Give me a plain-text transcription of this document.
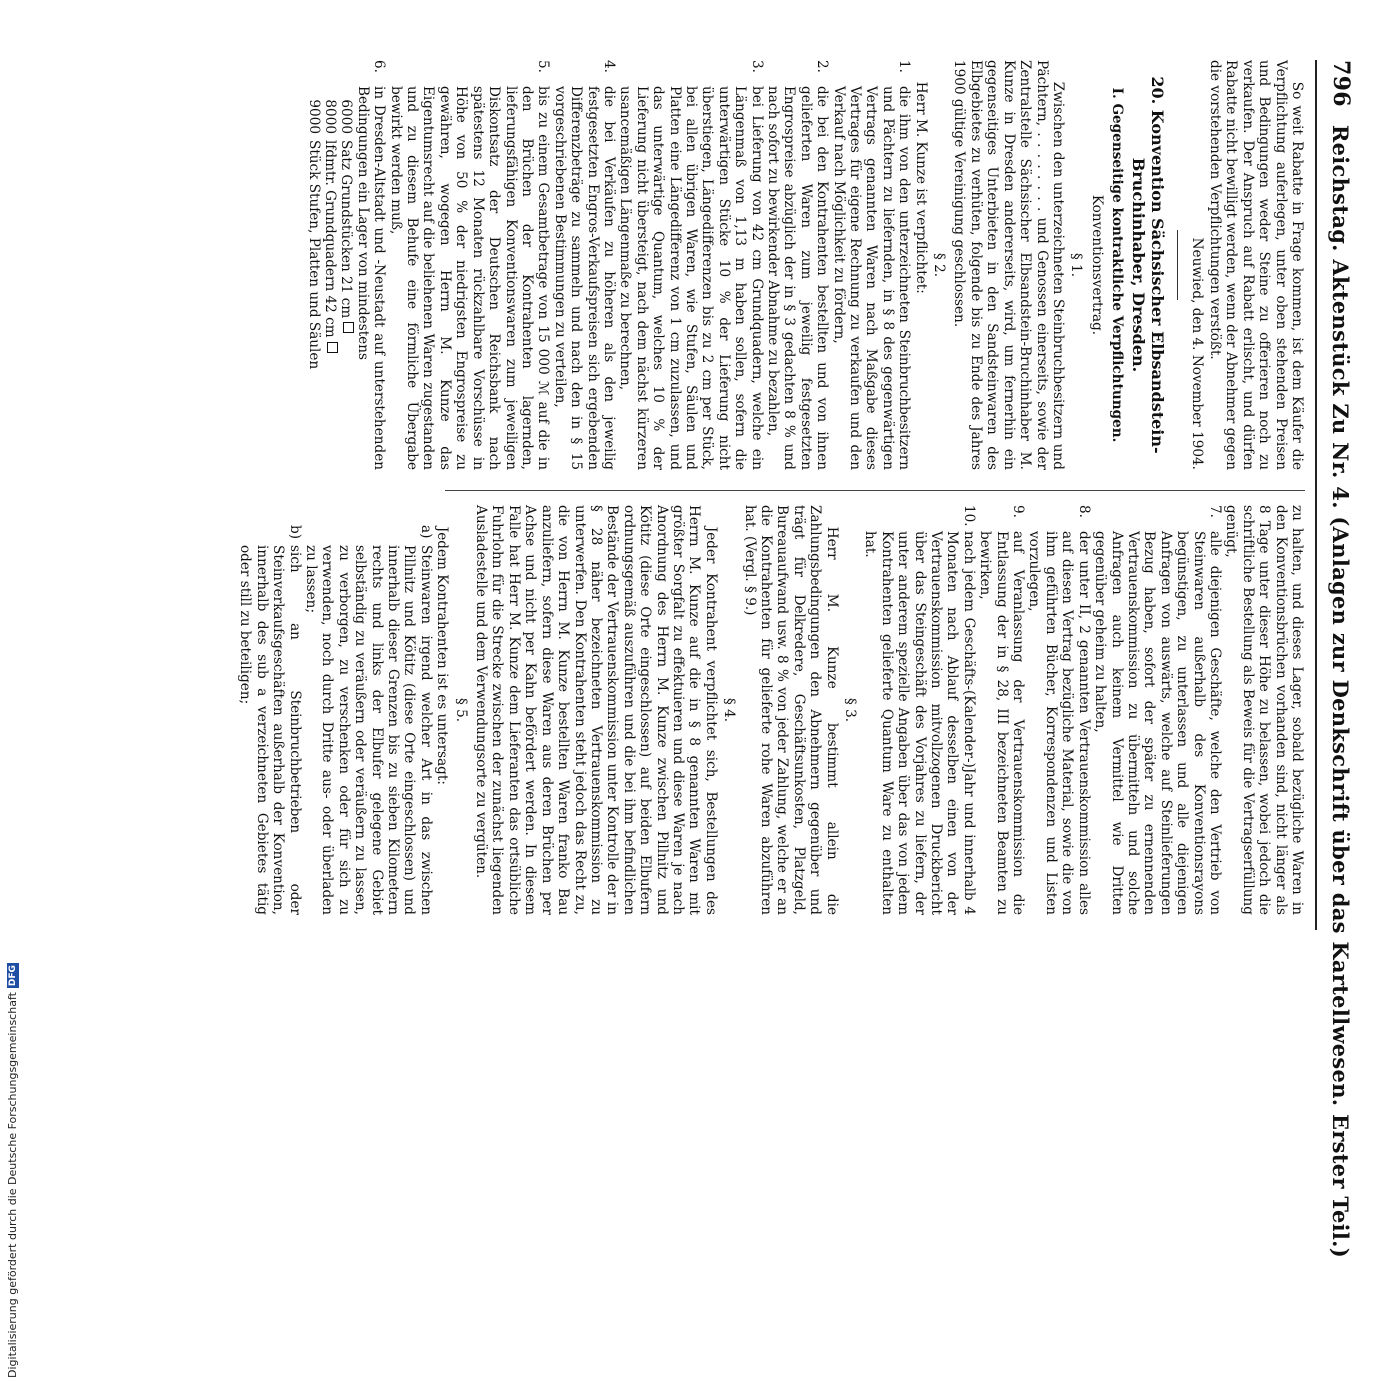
796
Reichstag. Aktenstück Zu Nr. 4. (Anlagen zur Denkschrift über das Kartellwesen. Erster Teil.)

So weit Rabatte in Frage kommen, ist dem Käufer die Verpflichtung auferlegen, unter oben stehenden Preisen und Bedingungen weder Steine zu offerieren noch zu verkaufen. Der Anspruch auf Rabatt erlischt, und dürfen Rabatte nicht bewilligt werden, wenn der Abnehmer gegen die vorstehenden Verpflichtungen verstößt.

Neuwied, den 4. November 1904.

20. Konvention Sächsischer Elbsandstein-Bruchinhaber, Dresden.

I. Gegenseitige kontraktliche Verpflichtungen.

Konventionsvertrag.

§ 1.

Zwischen den unterzeichneten Steinbruchbesitzern und Pächtern, . . . . . . . . und Genossen einerseits, sowie der Zentralstelle Sächsischer Elbsandstein-Bruchinhaber M. Kunze in Dresden andererseits, wird, um fernerhin ein gegenseitiges Unterbieten in den Sandsteinwaren des Elbgebietes zu verhüten, folgende bis zu Ende des Jahres 1900 gültige Vereinigung geschlossen.

§ 2.

Herr M. Kunze ist verpflichtet:

1.
die ihm von den unterzeichneten Steinbruchbesitzern und Pächtern zu liefernden, in § 8 des gegenwärtigen Vertrags genannten Waren nach Maßgabe dieses Vertrages für eigene Rechnung zu verkaufen und den Verkauf nach Möglichkeit zu fördern,
2.
die bei den Kontrahenten bestellten und von ihnen gelieferten Waren zum jeweilig festgesetzten Engrospreise abzüglich der in § 3 gedachten 8 % und nach sofort zu bewirkender Abnahme zu bezahlen,
3.
bei Lieferung von 42 cm Grundquadern, welche ein Längenmaß von 1,13 m haben sollen, sofern die unterwärtigen Stücke 10 % der Lieferung nicht überstiegen, Längedifferenzen bis zu 2 cm per Stück, bei allen übrigen Waren, wie Stufen, Säulen und Platten eine Längedifferenz von 1 cm zuzulassen, und das unterwärtige Quantum, welches 10 % der Lieferung nicht übersteigt, nach dem nächst kürzeren usancemäßigen Längenmaße zu berechnen,
4.
die bei Verkäufen zu höheren als den jeweilig festgesetzten Engros-Verkaufspreisen sich ergebenden Differenzbeträge zu sammeln und nach den in § 15 vorgeschriebenen Bestimmungen zu verteilen,
5.
bis zu einem Gesamtbetrage von 15 000 ℳ auf die in den Brüchen der Kontrahenten lagernden, lieferungsfähigen Konventionswaren zum jeweiligen Diskontsatz der Deutschen Reichsbank nach spätestens 12 Monaten rückzahlbare Vorschüsse in Höhe von 50 % der niedrigsten Engrospreise zu gewähren, wogegen Herrn M. Kunze das Eigentumsrecht auf die beliehenen Waren zugestanden und zu diesem Behufe eine förmliche Übergabe bewirkt werden muß,
6.
in Dresden-Altstadt und -Neustadt auf unterstehenden Bedingungen ein Lager von mindestens
6000
Satz Grundstücken 21 cm
8000
lfdmtr. Grundquadern 42 cm
9000
Stück Stufen, Platten und Säulen

zu halten, und dieses Lager, sobald bezügliche Waren in den Konventionsbrüchen vorhanden sind, nicht länger als 8 Tage unter dieser Höhe zu belassen, wobei jedoch die schriftliche Bestellung als Beweis für die Vertragserfüllung genügt,

7.
alle diejenigen Geschäfte, welche den Vertrieb von Steinwaren außerhalb des Konventionsrayons begünstigen, zu unterlassen und alle diejenigen Anfragen von auswärts, welche auf Steinlieferungen Bezug haben, sofort der später zu ernennenden Vertrauenskommission zu übermitteln und solche Anfragen auch keinem Vermittel wie Dritten gegenüber geheim zu halten,
8.
der unter II, 2 genannten Vertrauenskommission alles auf diesen Vertrag bezügliche Material, sowie die von ihm geführten Bücher, Korrespondenzen und Listen vorzulegen,
9.
auf Veranlassung der Vertrauenskommission die Entlassung der in § 28, III bezeichneten Beamten zu bewirken,
10.
nach jedem Geschäfts-(Kalender-)Jahr und innerhalb 4 Monaten nach Ablauf desselben einen von der Vertrauenskommission mitvollzogenen Druckbericht über das Steingeschäft des Vorjahres zu liefern, der unter anderem spezielle Angaben über das von jedem Kontrahenten gelieferte Quantum Ware zu enthalten hat.

§ 3.

Herr M. Kunze bestimmt allein die Zahlungsbedingungen den Abnehmern gegenüber und trägt für Delkredere, Geschäftsunkosten, Platzgeld, Bureauaufwand usw. 8 % von jeder Zahlung, welche er an die Kontrahenten für gelieferte rohe Waren abzuführen hat. (Vergl. § 9.)

§ 4.

Jeder Kontrahent verpflichtet sich, Bestellungen des Herrn M. Kunze auf die in § 8 genannten Waren mit größter Sorgfalt zu effektuieren und diese Waren je nach Anordnung des Herrn M. Kunze zwischen Pillnitz und Kötitz (diese Orte eingeschlossen) auf beiden Elbufern ordnungsgemäß auszuführen und die bei ihm befindlichen Bestände der Vertrauenskommission unter Kontrolle der in § 28 näher bezeichneten Vertrauenskommission zu unterwerfen. Den Kontrahenten steht jedoch das Recht zu, die von Herrn M. Kunze bestellten Waren franko Bau anzuliefern, sofern diese Waren aus deren Brüchen per Achse und nicht per Kahn befördert werden. In diesem Falle hat Herr M. Kunze dem Lieferanten das ortsübliche Fuhrlohn für die Strecke zwischen der zunächst liegenden Ausladestelle und dem Verwendungsorte zu vergüten.

§ 5.

Jedem Kontrahenten ist es untersagt:

a)
Steinwaren irgend welcher Art in das zwischen Pillnitz und Kötitz (diese Orte eingeschlossen) und innerhalb dieser Grenzen bis zu sieben Kilometern rechts und links der Elbufer gelegene Gebiet selbständig zu veräußern oder veräußern zu lassen, zu verborgen, zu verschenken oder für sich zu verwenden, noch durch Dritte aus- oder überladen zu lassen;
b)
sich an Steinbruchbetrieben oder Steinverkaufsgeschäften außerhalb der Konvention, innerhalb des sub a verzeichneten Gebietes tätig oder still zu beteiligen;
Digitalisierung gefördert durch die Deutsche Forschungsgemeinschaft
DFG
